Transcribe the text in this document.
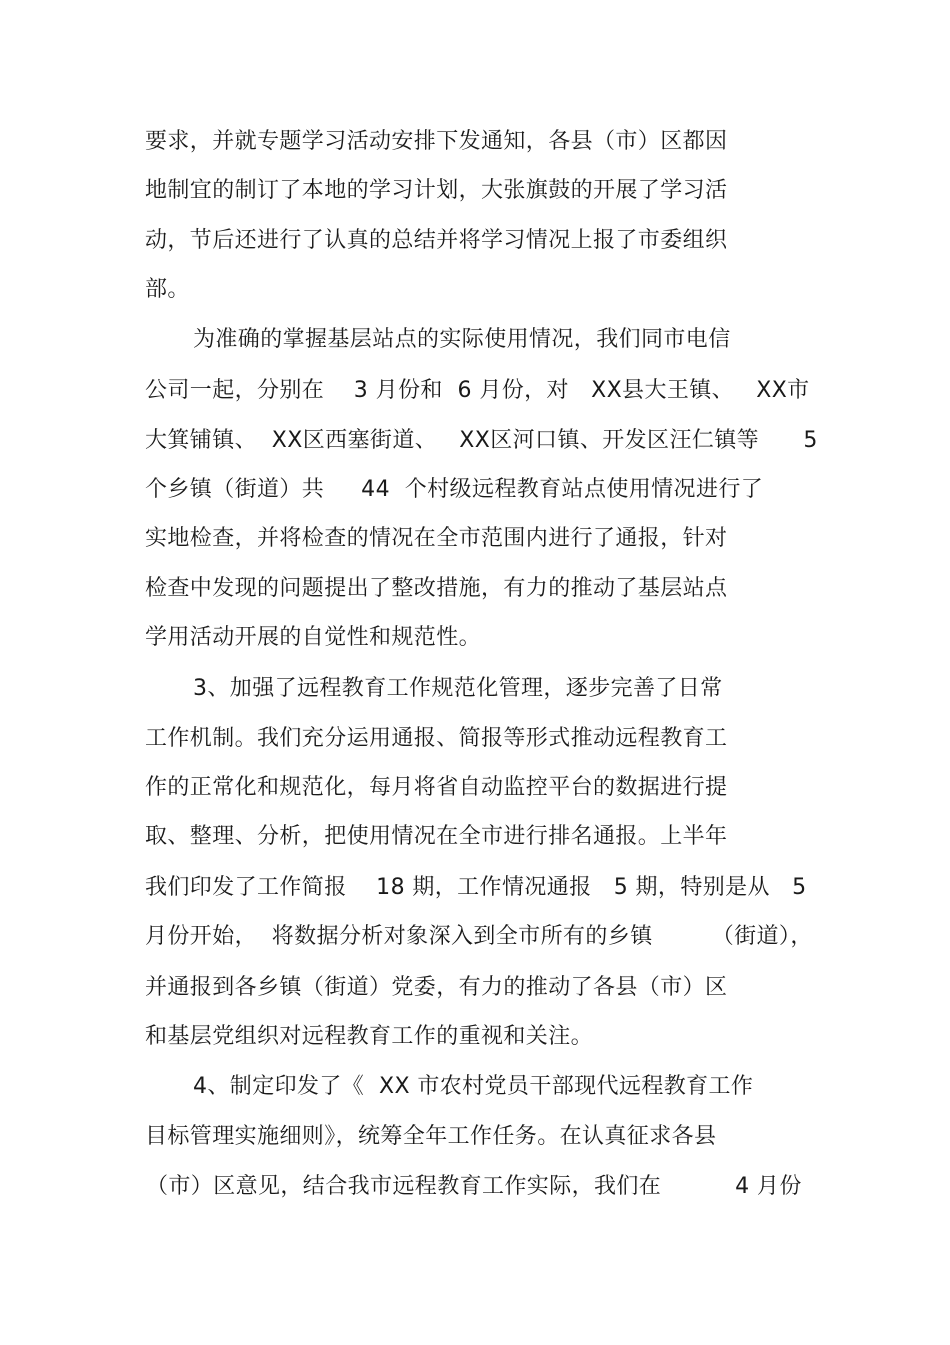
要求，并就专题学习活动安排下发通知，各县（市）区都因
地制宜的制订了本地的学习计划，大张旗鼓的开展了学习活
动，节后还进行了认真的总结并将学习情况上报了市委组织
部。
为准确的掌握基层站点的实际使用情况，我们同市电信
公司一起，分别在    3 月份和  6 月份，对   XX县大王镇、   XX市
大箕铺镇、  XX区西塞街道、   XX区河口镇、开发区汪仁镇等      5
个乡镇（街道）共     44  个村级远程教育站点使用情况进行了
实地检查，并将检查的情况在全市范围内进行了通报，针对
检查中发现的问题提出了整改措施，有力的推动了基层站点
学用活动开展的自觉性和规范性。
3、加强了远程教育工作规范化管理，逐步完善了日常
工作机制。我们充分运用通报、简报等形式推动远程教育工
作的正常化和规范化，每月将省自动监控平台的数据进行提
取、整理、分析，把使用情况在全市进行排名通报。上半年
我们印发了工作简报    18 期，工作情况通报   5 期，特别是从   5
月份开始，  将数据分析对象深入到全市所有的乡镇        （街道），
并通报到各乡镇（街道）党委，有力的推动了各县（市）区
和基层党组织对远程教育工作的重视和关注。
4、制定印发了《  XX 市农村党员干部现代远程教育工作
目标管理实施细则》，统筹全年工作任务。在认真征求各县
（市）区意见，结合我市远程教育工作实际，我们在          4 月份
